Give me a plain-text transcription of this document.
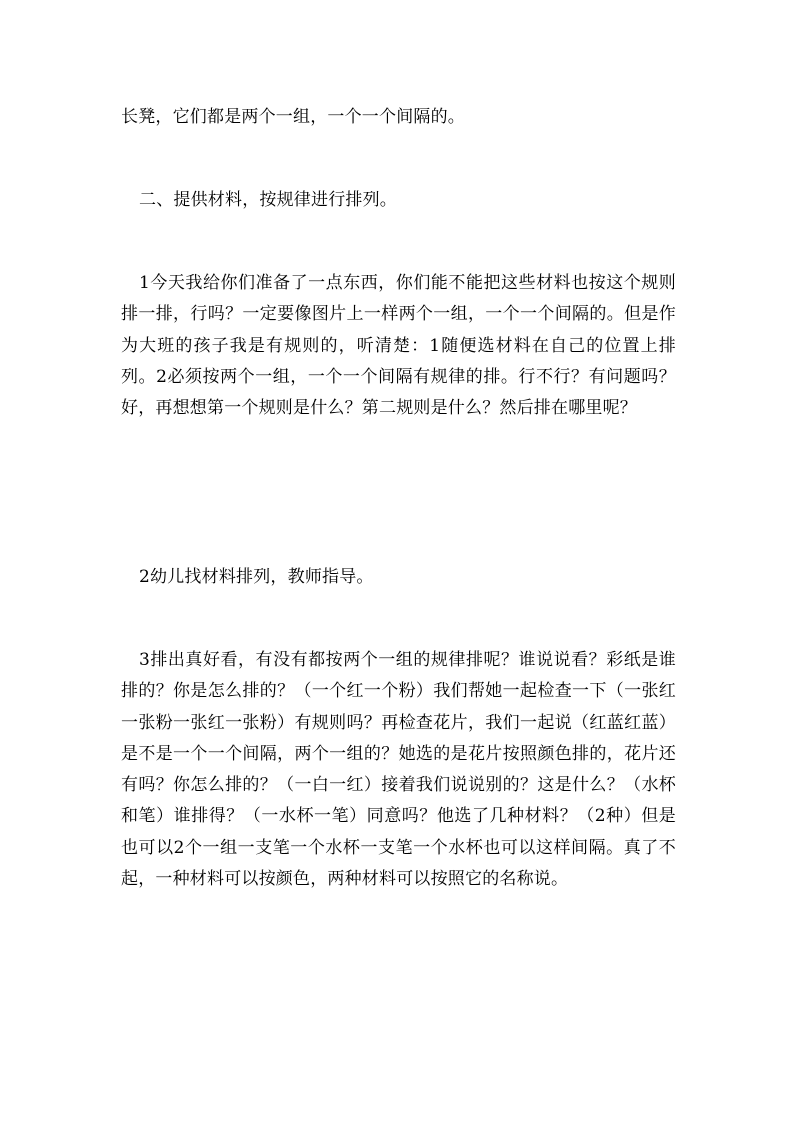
长凳，它们都是两个一组，一个一个间隔的。

二、提供材料，按规律进行排列。

1今天我给你们准备了一点东西，你们能不能把这些材料也按这个规则排一排，行吗？一定要像图片上一样两个一组，一个一个间隔的。但是作为大班的孩子我是有规则的，听清楚：1随便选材料在自己的位置上排列。2必须按两个一组，一个一个间隔有规律的排。行不行？有问题吗？好，再想想第一个规则是什么？第二规则是什么？然后排在哪里呢？

2幼儿找材料排列，教师指导。

3排出真好看，有没有都按两个一组的规律排呢？谁说说看？彩纸是谁排的？你是怎么排的？（一个红一个粉）我们帮她一起检查一下（一张红一张粉一张红一张粉）有规则吗？再检查花片，我们一起说（红蓝红蓝）是不是一个一个间隔，两个一组的？她选的是花片按照颜色排的，花片还有吗？你怎么排的？（一白一红）接着我们说说别的？这是什么？（水杯和笔）谁排得？（一水杯一笔）同意吗？他选了几种材料？（2种）但是也可以2个一组一支笔一个水杯一支笔一个水杯也可以这样间隔。真了不起，一种材料可以按颜色，两种材料可以按照它的名称说。
